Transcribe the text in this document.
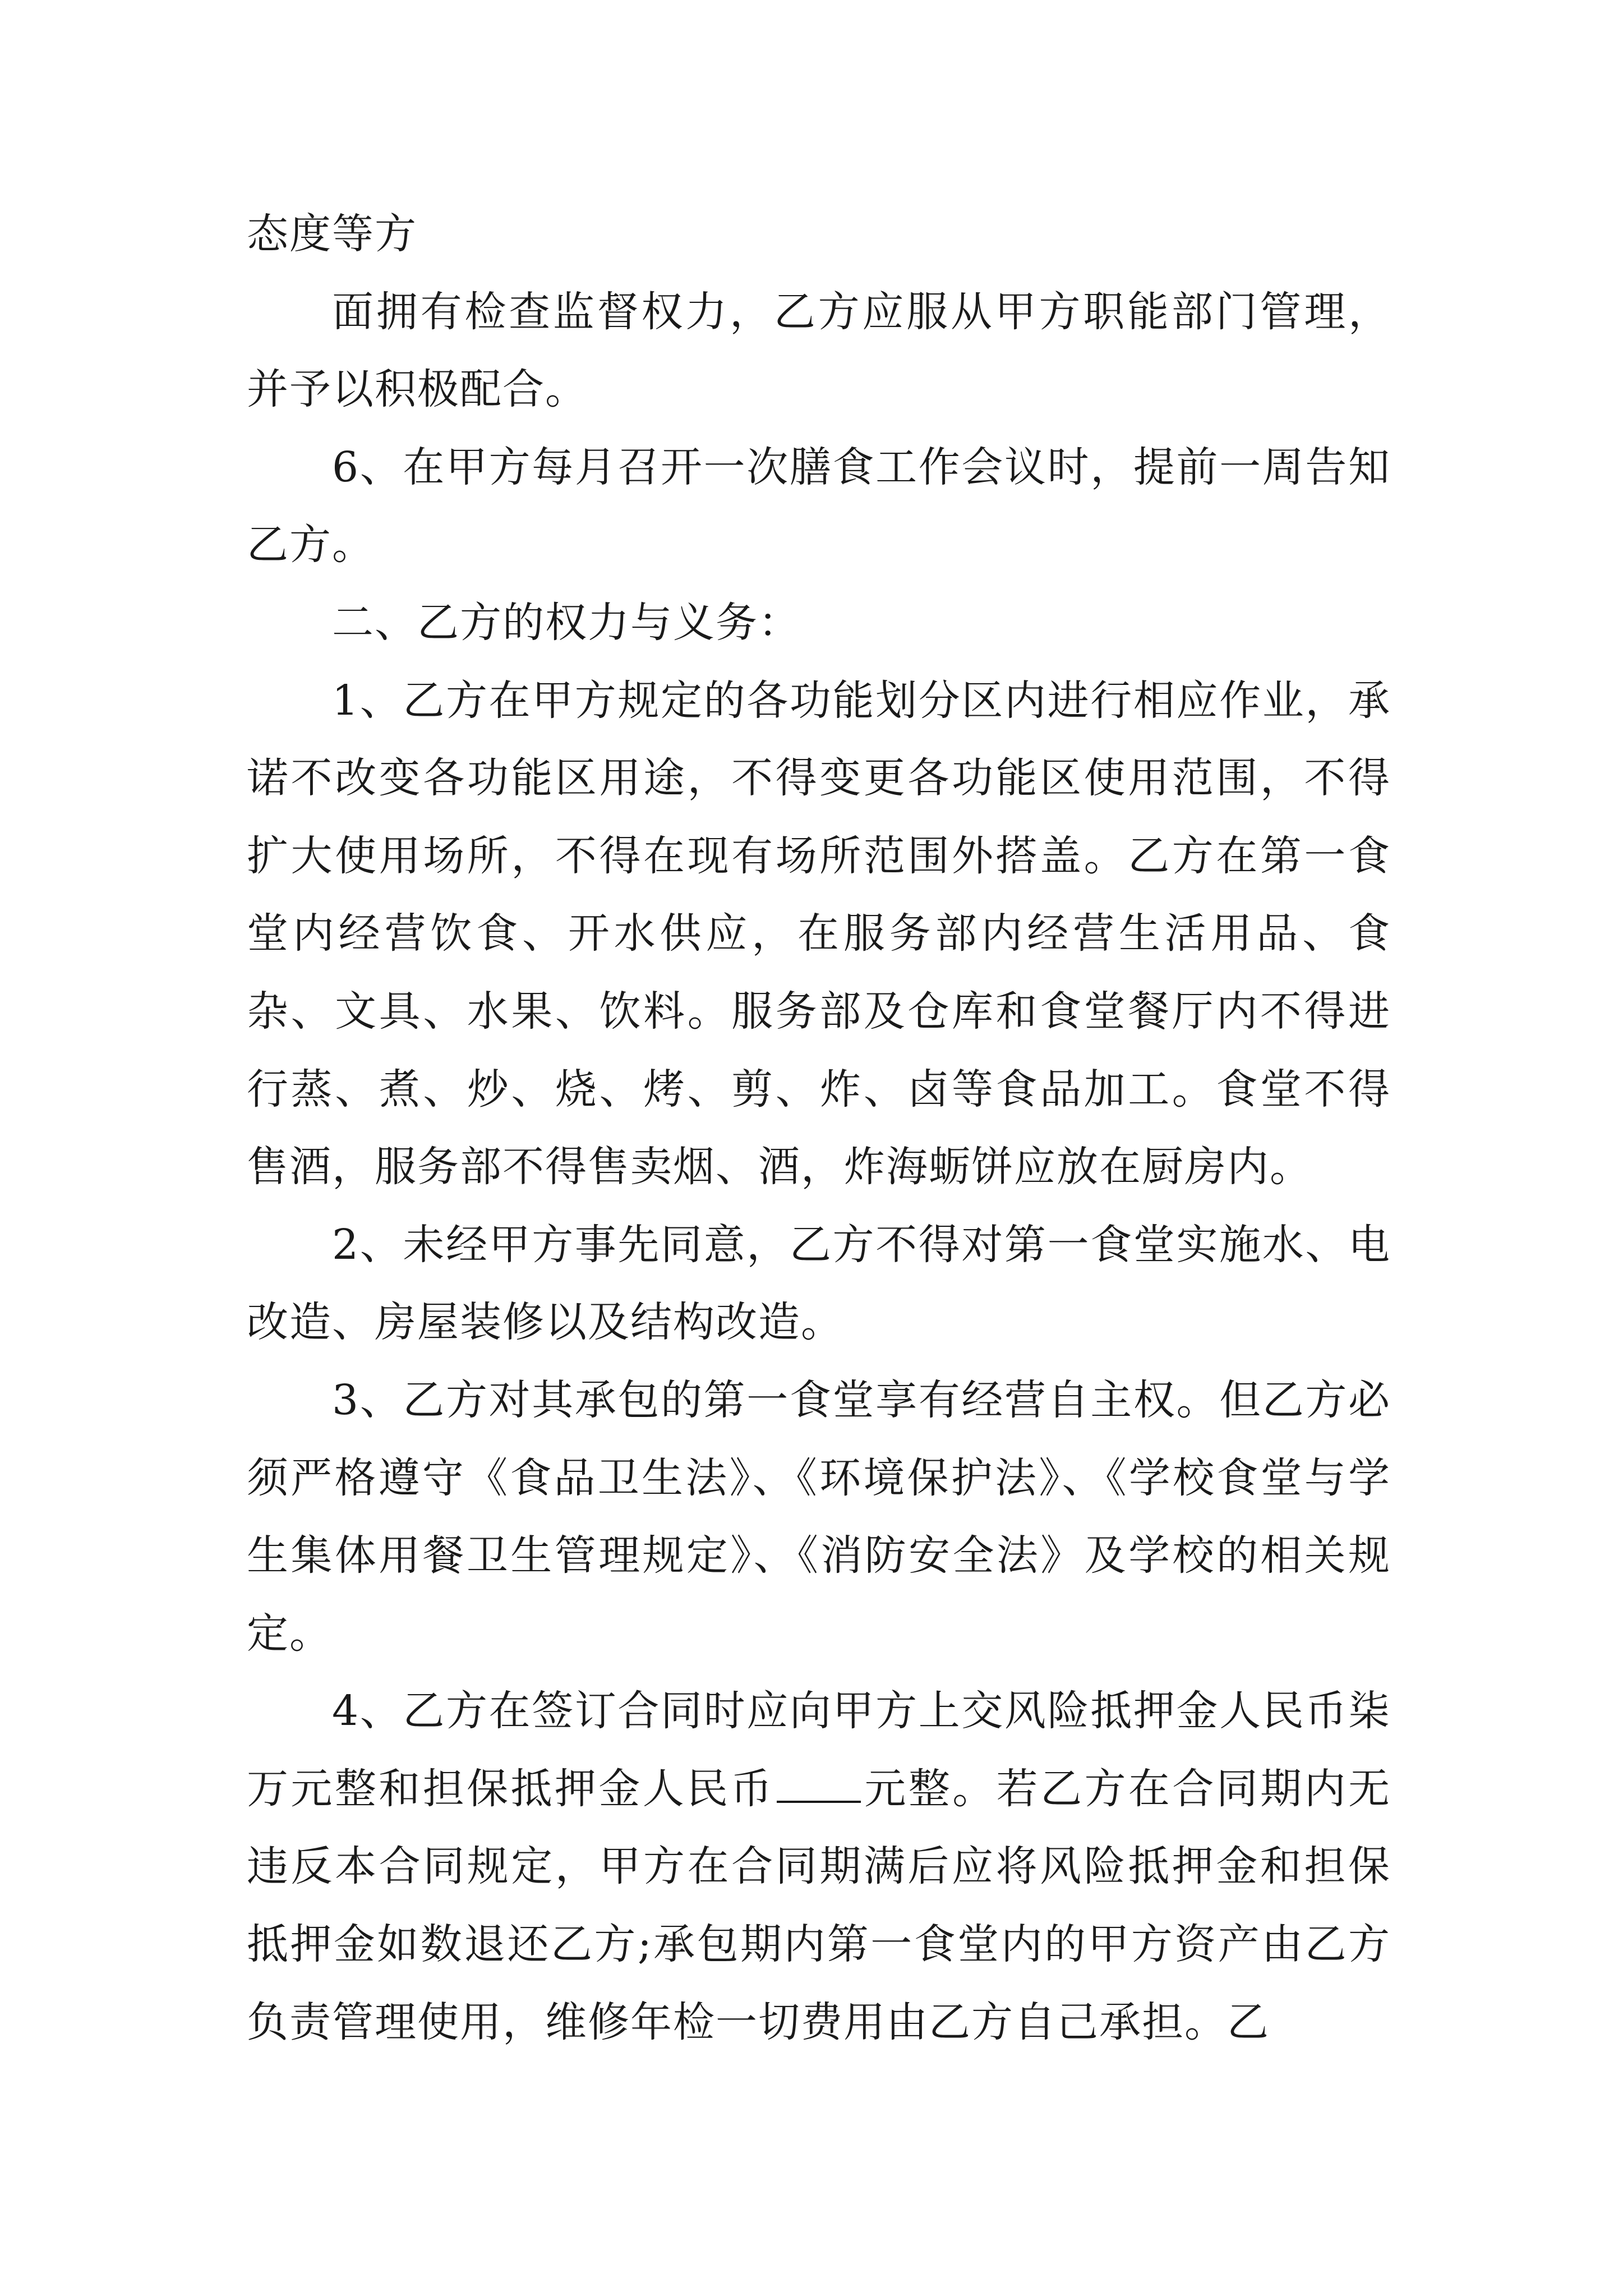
态度等方

面拥有检查监督权力，乙方应服从甲方职能部门管理，并予以积极配合。

6、在甲方每月召开一次膳食工作会议时，提前一周告知乙方。

二、乙方的权力与义务：

1、乙方在甲方规定的各功能划分区内进行相应作业，承诺不改变各功能区用途，不得变更各功能区使用范围，不得扩大使用场所，不得在现有场所范围外搭盖。乙方在第一食堂内经营饮食、开水供应，在服务部内经营生活用品、食杂、文具、水果、饮料。服务部及仓库和食堂餐厅内不得进行蒸、煮、炒、烧、烤、剪、炸、卤等食品加工。食堂不得售酒，服务部不得售卖烟、酒，炸海蛎饼应放在厨房内。

2、未经甲方事先同意，乙方不得对第一食堂实施水、电改造、房屋装修以及结构改造。

3、乙方对其承包的第一食堂享有经营自主权。但乙方必须严格遵守《食品卫生法》、《环境保护法》、《学校食堂与学生集体用餐卫生管理规定》、《消防安全法》及学校的相关规定。

4、乙方在签订合同时应向甲方上交风险抵押金人民币柒万元整和担保抵押金人民币 元整。若乙方在合同期内无违反本合同规定，甲方在合同期满后应将风险抵押金和担保抵押金如数退还乙方;承包期内第一食堂内的甲方资产由乙方负责管理使用，维修年检一切费用由乙方自己承担。乙
